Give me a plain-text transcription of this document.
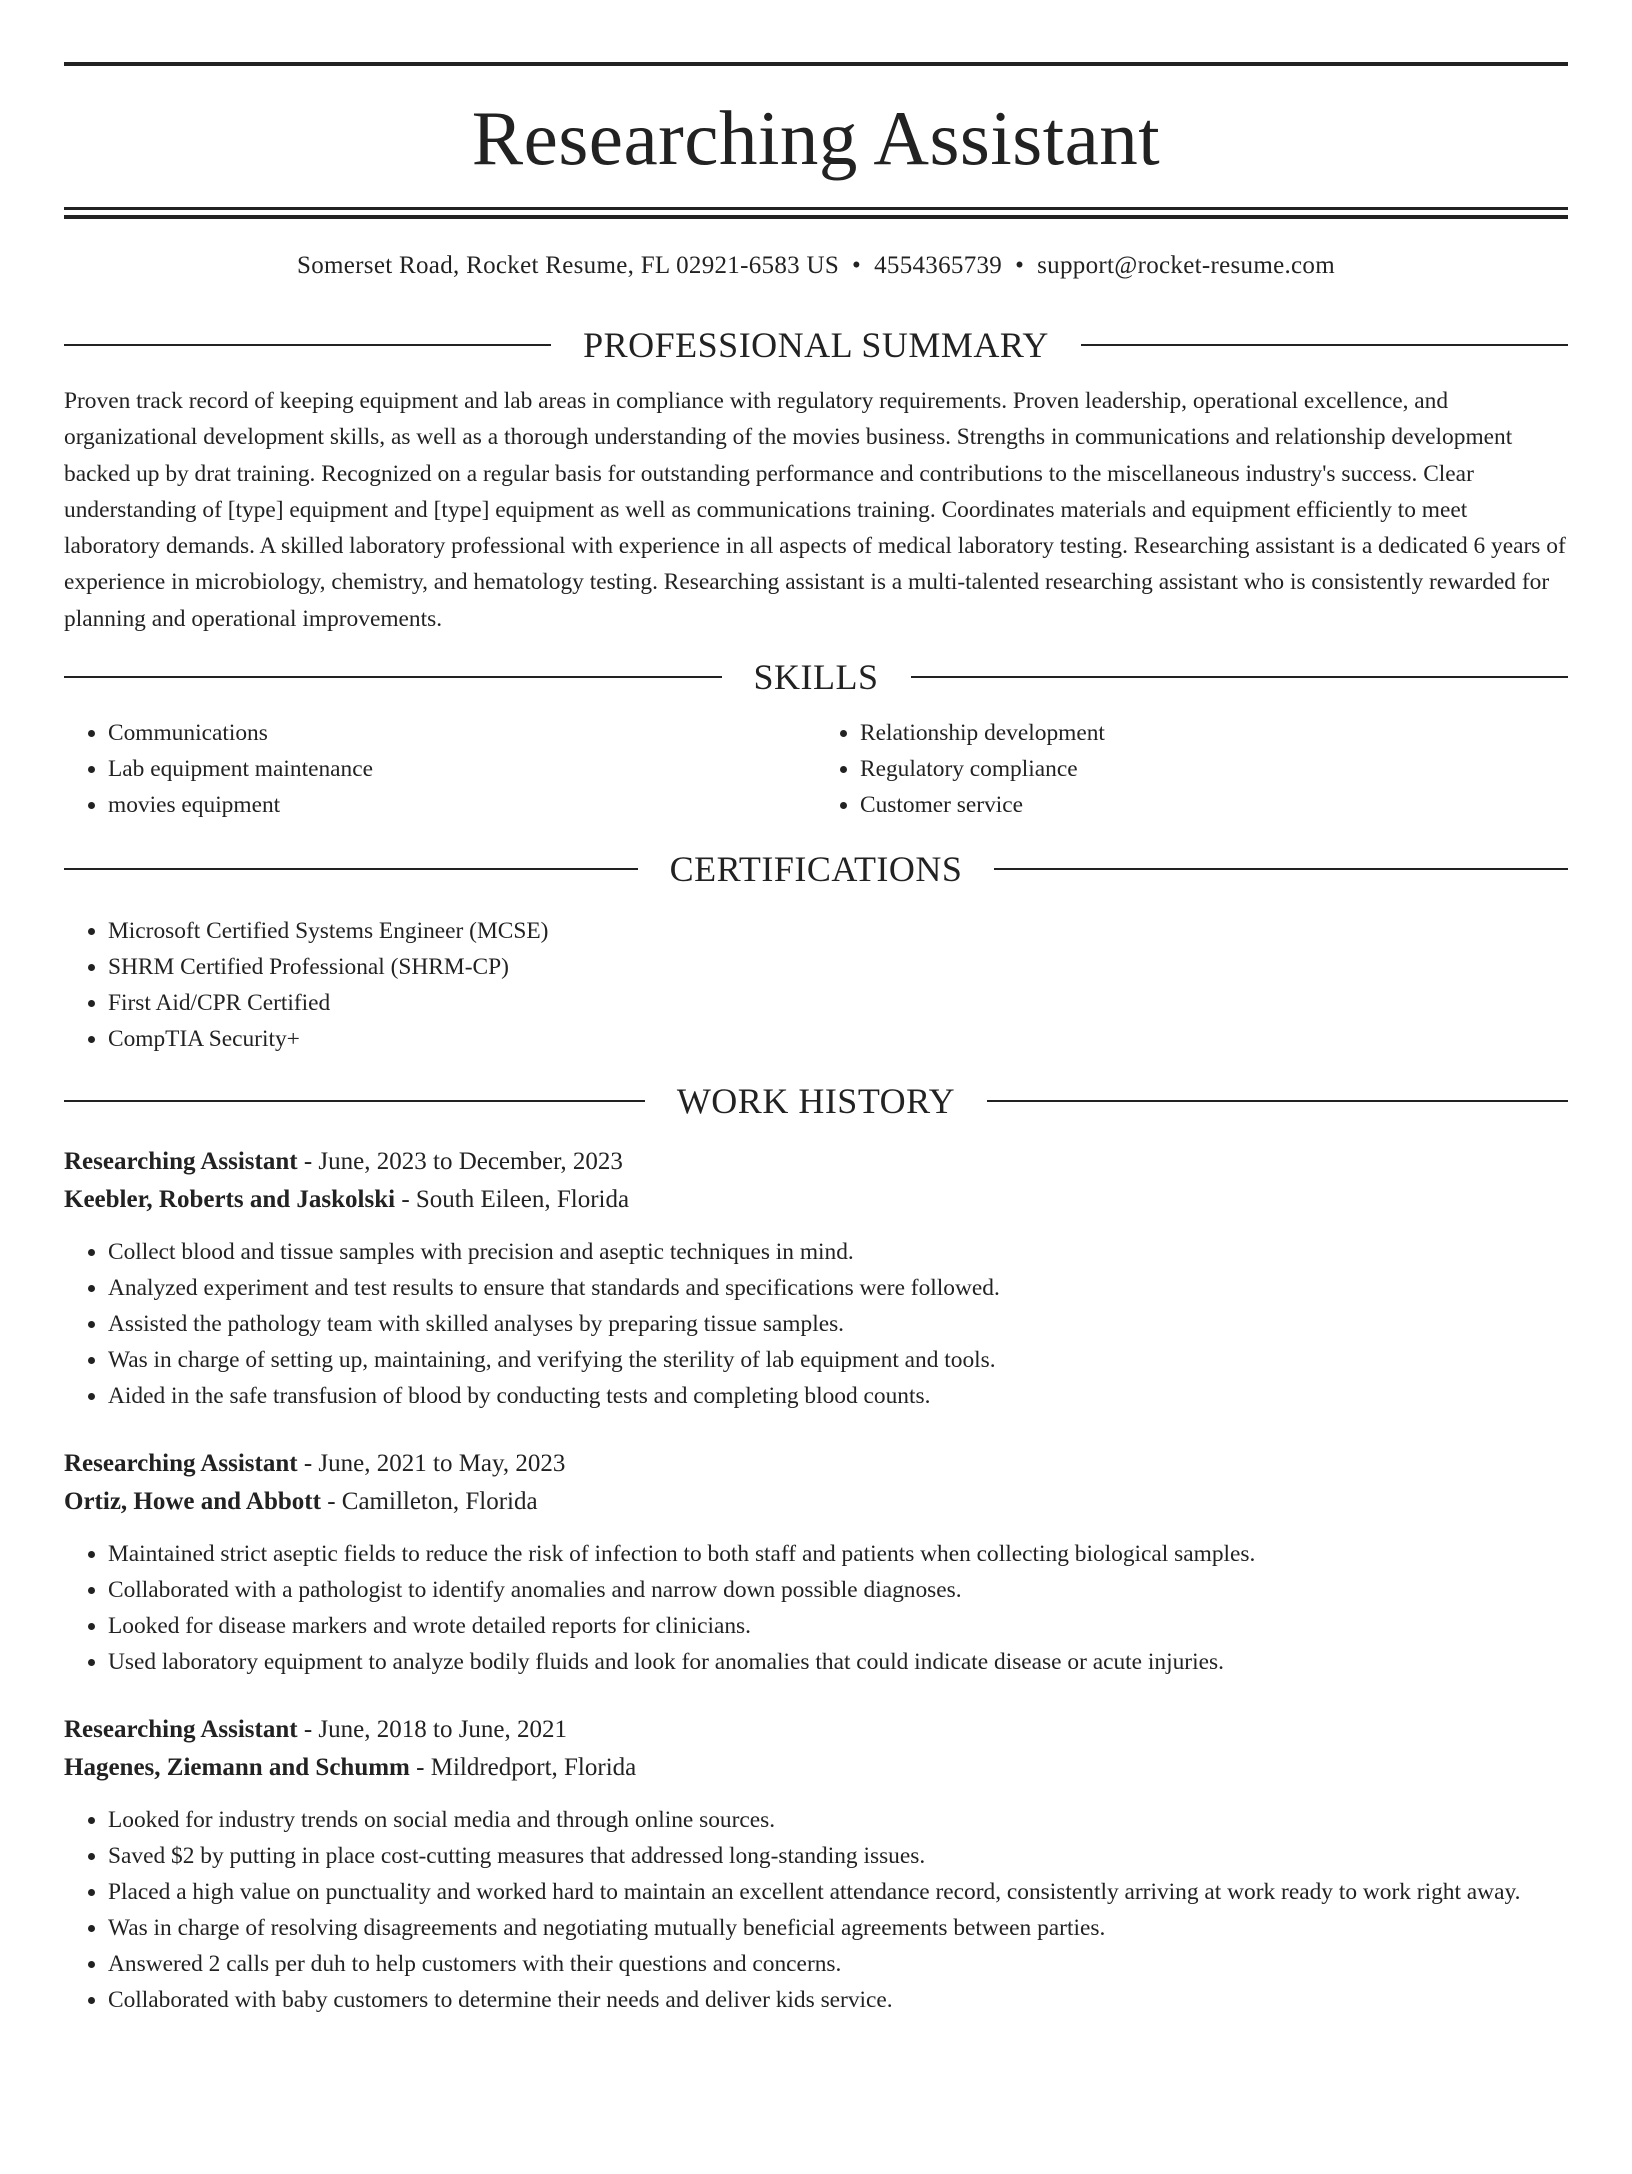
Researching Assistant
Somerset Road, Rocket Resume, FL 02921-6583 US • 4554365739 • support@rocket-resume.com
PROFESSIONAL SUMMARY
Proven track record of keeping equipment and lab areas in compliance with regulatory requirements. Proven leadership, operational excellence, and organizational development skills, as well as a thorough understanding of the movies business. Strengths in communications and relationship development backed up by drat training. Recognized on a regular basis for outstanding performance and contributions to the miscellaneous industry's success. Clear understanding of [type] equipment and [type] equipment as well as communications training. Coordinates materials and equipment efficiently to meet laboratory demands. A skilled laboratory professional with experience in all aspects of medical laboratory testing. Researching assistant is a dedicated 6 years of experience in microbiology, chemistry, and hematology testing. Researching assistant is a multi-talented researching assistant who is consistently rewarded for planning and operational improvements.
SKILLS
• Communications
• Lab equipment maintenance
• movies equipment
• Relationship development
• Regulatory compliance
• Customer service
CERTIFICATIONS
• Microsoft Certified Systems Engineer (MCSE)
• SHRM Certified Professional (SHRM-CP)
• First Aid/CPR Certified
• CompTIA Security+
WORK HISTORY
Researching Assistant - June, 2023 to December, 2023
Keebler, Roberts and Jaskolski - South Eileen, Florida
• Collect blood and tissue samples with precision and aseptic techniques in mind.
• Analyzed experiment and test results to ensure that standards and specifications were followed.
• Assisted the pathology team with skilled analyses by preparing tissue samples.
• Was in charge of setting up, maintaining, and verifying the sterility of lab equipment and tools.
• Aided in the safe transfusion of blood by conducting tests and completing blood counts.
Researching Assistant - June, 2021 to May, 2023
Ortiz, Howe and Abbott - Camilleton, Florida
• Maintained strict aseptic fields to reduce the risk of infection to both staff and patients when collecting biological samples.
• Collaborated with a pathologist to identify anomalies and narrow down possible diagnoses.
• Looked for disease markers and wrote detailed reports for clinicians.
• Used laboratory equipment to analyze bodily fluids and look for anomalies that could indicate disease or acute injuries.
Researching Assistant - June, 2018 to June, 2021
Hagenes, Ziemann and Schumm - Mildredport, Florida
• Looked for industry trends on social media and through online sources.
• Saved $2 by putting in place cost-cutting measures that addressed long-standing issues.
• Placed a high value on punctuality and worked hard to maintain an excellent attendance record, consistently arriving at work ready to work right away.
• Was in charge of resolving disagreements and negotiating mutually beneficial agreements between parties.
• Answered 2 calls per duh to help customers with their questions and concerns.
• Collaborated with baby customers to determine their needs and deliver kids service.
